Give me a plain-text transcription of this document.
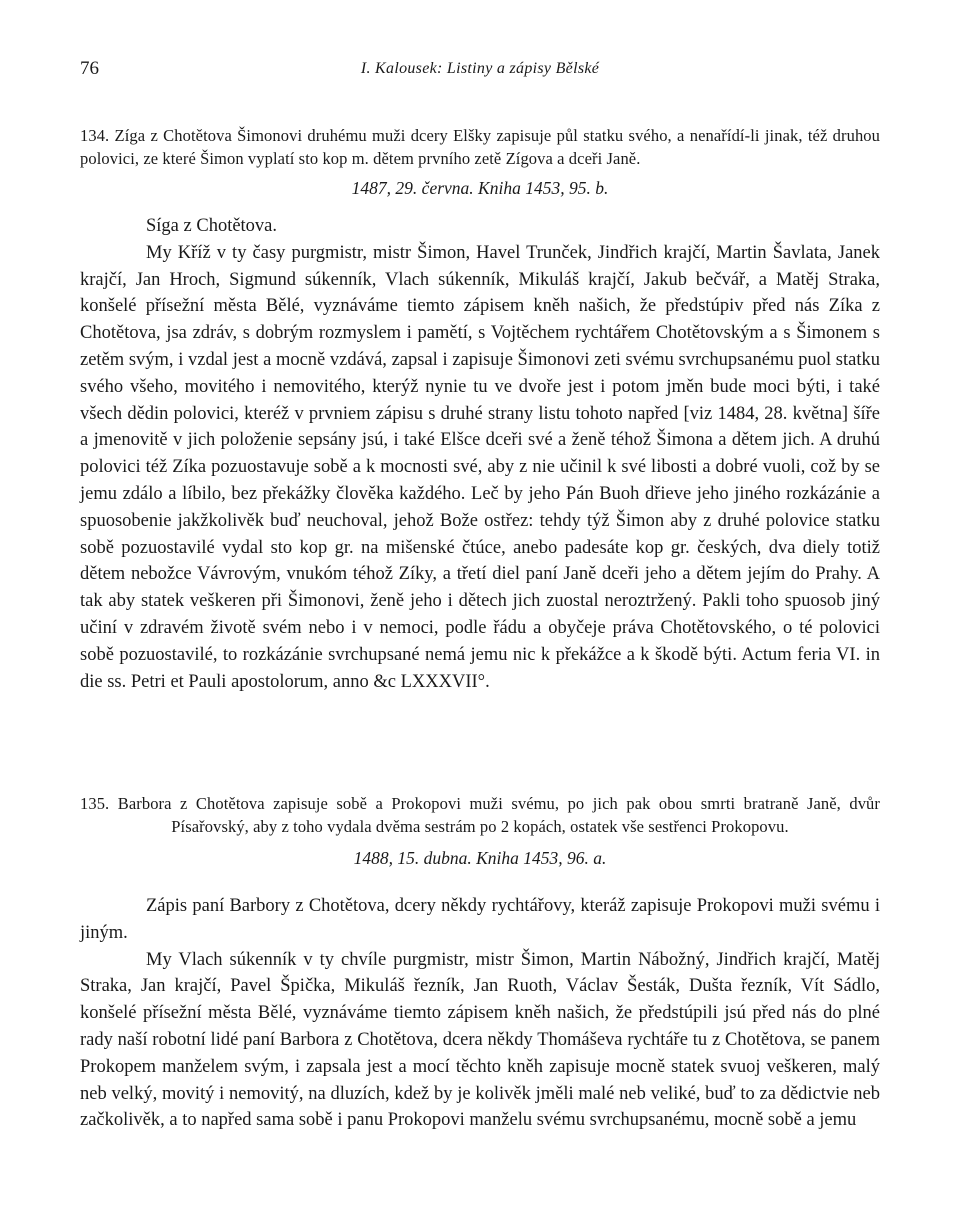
76	I. Kalousek: Listiny a zápisy Bělské

134. Zíga z Chotětova Šimonovi druhému muži dcery Elšky zapisuje půl statku svého, a nenařídí-li jinak, též druhou polovici, ze které Šimon vyplatí sto kop m. dětem prvního zetě Zígova a dceři Janě.

1487, 29. června. Kniha 1453, 95. b.

Síga z Chotětova.

My Kříž v ty časy purgmistr, mistr Šimon, Havel Trunček, Jindřich krajčí, Martin Šavlata, Janek krajčí, Jan Hroch, Sigmund súkenník, Vlach súkenník, Mikuláš krajčí, Jakub bečvář, a Matěj Straka, konšelé přísežní města Bělé, vyznáváme tiemto zápisem kněh našich, že předstúpiv před nás Zíka z Chotětova, jsa zdráv, s dobrým rozmyslem i pamětí, s Vojtěchem rychtářem Chotětovským a s Šimonem s zetěm svým, i vzdal jest a mocně vzdává, zapsal i zapisuje Šimonovi zeti svému svrchupsanému puol statku svého všeho, movitého i nemovitého, kterýž nynie tu ve dvoře jest i potom jměn bude moci býti, i také všech dědin polovici, kteréž v prvniem zápisu s druhé strany listu tohoto napřed [viz 1484, 28. května] šíře a jmenovitě v jich položenie sepsány jsú, i také Elšce dceři své a ženě téhož Šimona a dětem jich. A druhú polovici též Zíka pozuostavuje sobě a k mocnosti své, aby z nie učinil k své libosti a dobré vuoli, což by se jemu zdálo a líbilo, bez překážky člověka každého. Leč by jeho Pán Buoh dřieve jeho jiného rozkázánie a spuosobenie jakžkolivěk buď neuchoval, jehož Bože ostřez: tehdy týž Šimon aby z druhé polovice statku sobě pozuostavilé vydal sto kop gr. na mišenské čtúce, anebo padesáte kop gr. českých, dva diely totiž dětem nebožce Vávrovým, vnukóm téhož Zíky, a třetí diel paní Janě dceři jeho a dětem jejím do Prahy. A tak aby statek veškeren při Šimonovi, ženě jeho i dětech jich zuostal neroztržený. Pakli toho spuosob jiný učiní v zdravém životě svém nebo i v nemoci, podle řádu a obyčeje práva Chotětovského, o té polovici sobě pozuostavilé, to rozkázánie svrchupsané nemá jemu nic k překážce a k škodě býti. Actum feria VI. in die ss. Petri et Pauli apostolorum, anno &c LXXXVII°.

135. Barbora z Chotětova zapisuje sobě a Prokopovi muži svému, po jich pak obou smrti bratraně Janě, dvůr Písařovský, aby z toho vydala dvěma sestrám po 2 kopách, ostatek vše sestřenci Prokopovu.

1488, 15. dubna. Kniha 1453, 96. a.

Zápis paní Barbory z Chotětova, dcery někdy rychtářovy, kteráž zapisuje Prokopovi muži svému i jiným.

My Vlach súkenník v ty chvíle purgmistr, mistr Šimon, Martin Nábožný, Jindřich krajčí, Matěj Straka, Jan krajčí, Pavel Špička, Mikuláš řezník, Jan Ruoth, Václav Šesták, Dušta řezník, Vít Sádlo, konšelé přísežní města Bělé, vyznáváme tiemto zápisem kněh našich, že předstúpili jsú před nás do plné rady naší robotní lidé paní Barbora z Chotětova, dcera někdy Thomáševa rychtáře tu z Chotětova, se panem Prokopem manželem svým, i zapsala jest a mocí těchto kněh zapisuje mocně statek svuoj veškeren, malý neb velký, movitý i nemovitý, na dluzích, kdež by je kolivěk jměli malé neb veliké, buď to za dědictvie neb začkolivěk, a to napřed sama sobě i panu Prokopovi manželu svému svrchupsanému, mocně sobě a jemu
